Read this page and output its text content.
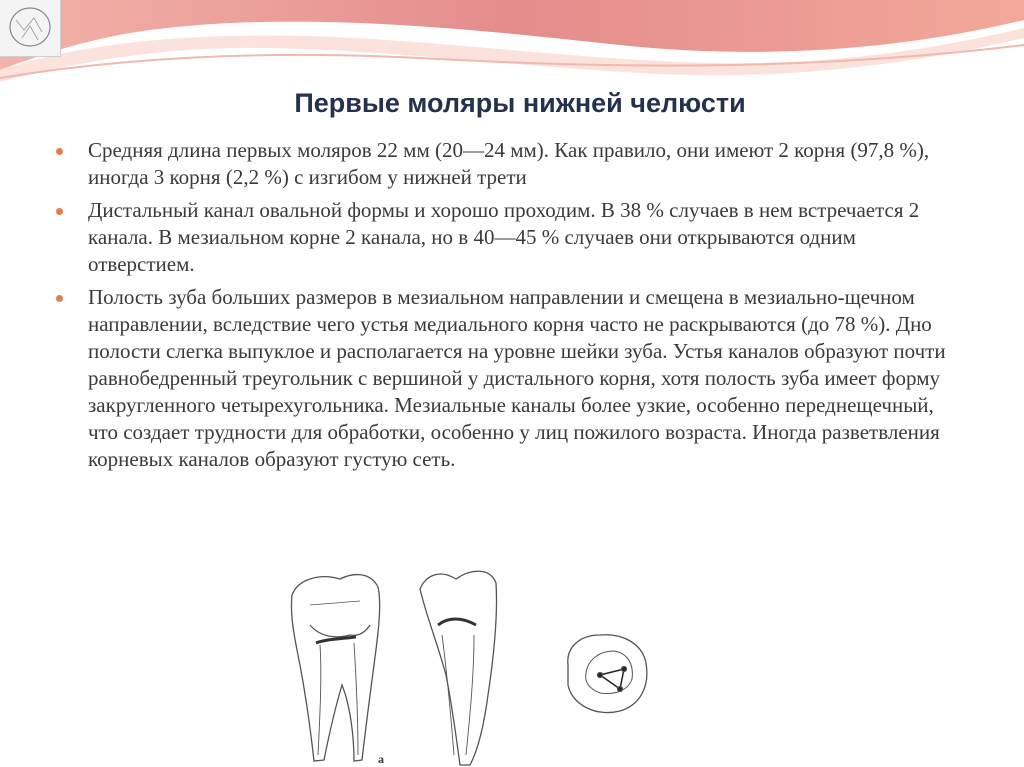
Первые моляры нижней челюсти
Средняя длина первых моляров 22 мм (20—24 мм). Как правило, они имеют 2 корня (97,8 %), иногда 3 корня (2,2 %) с изгибом у нижней трети
Дистальный канал овальной формы и хорошо проходим. В 38 % случаев в нем встречается 2 канала. В мезиальном корне 2 канала, но в 40—45 % случаев они открываются одним отверстием.
Полость зуба больших размеров в мезиальном направлении и смещена в мезиально-щечном направлении, вследствие чего устья медиального корня часто не раскрываются (до 78 %). Дно полости слегка выпуклое и располагается на уровне шейки зуба. Устья каналов образуют почти равнобедренный треугольник с вершиной у дистального корня, хотя полость зуба имеет форму закругленного четырехугольника. Мезиальные каналы более узкие, особенно переднещечный, что создает трудности для обработки, особенно у лиц пожилого возраста. Иногда разветвления корневых каналов образуют густую сеть.
а
